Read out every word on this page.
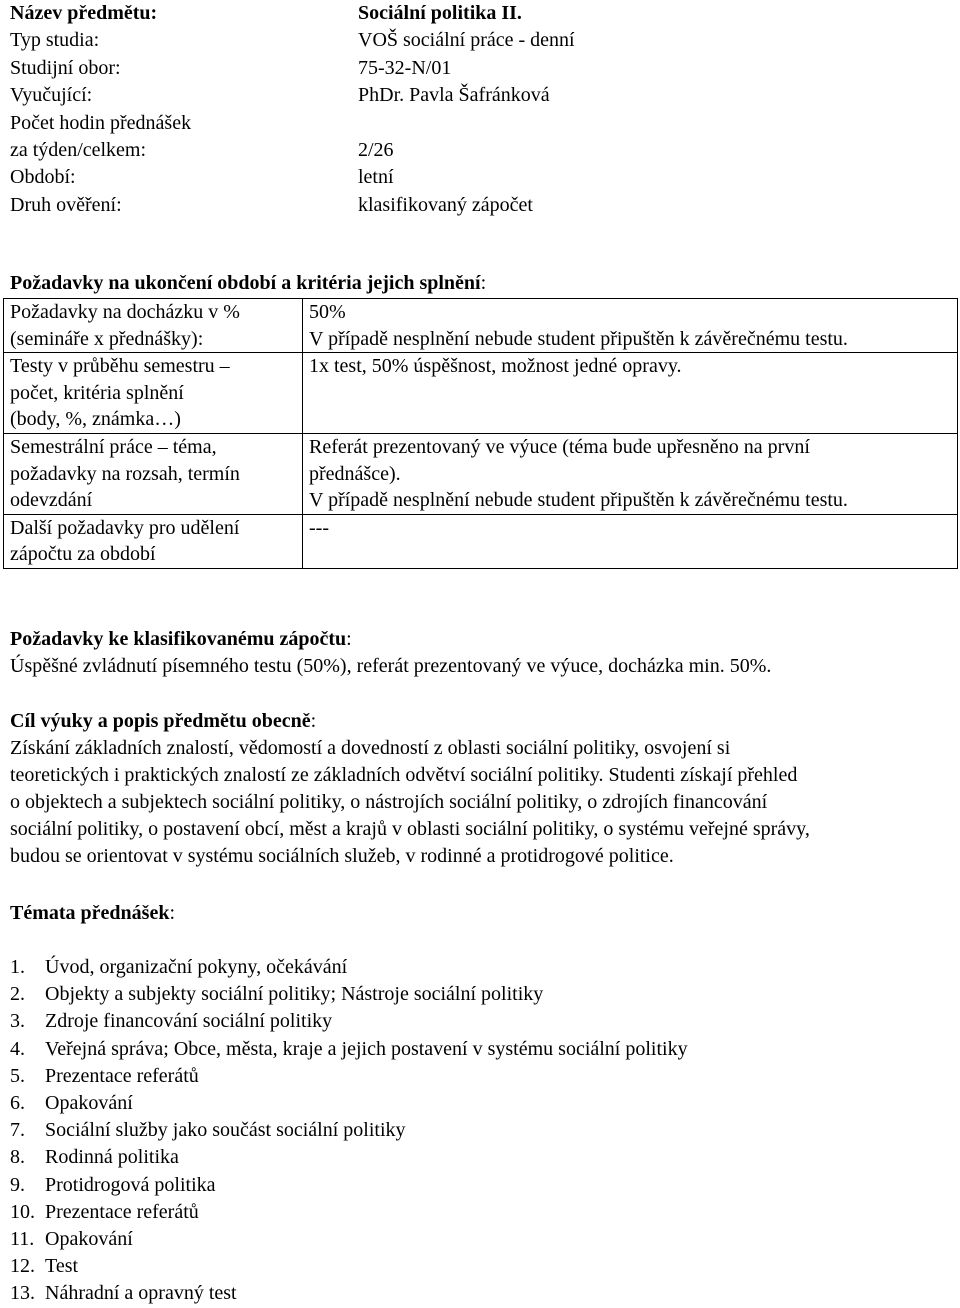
Název předmětu:	Sociální politika II.
Typ studia:	VOŠ sociální práce - denní
Studijní obor:	75-32-N/01
Vyučující:	PhDr. Pavla Šafránková
Počet hodin přednášek
za týden/celkem:	2/26
Období:	letní
Druh ověření:	klasifikovaný zápočet
Požadavky na ukončení období a kritéria jejich splnění:
Požadavky na docházku v %
(semináře x přednášky):	50%
V případě nesplnění nebude student připuštěn k závěrečnému testu.

Testy v průběhu semestru –
počet, kritéria splnění
(body, %, známka…)	1x test, 50% úspěšnost, možnost jedné opravy.

Semestrální práce – téma,
požadavky na rozsah, termín
odevzdání	Referát prezentovaný ve výuce (téma bude upřesněno na první
přednášce).
V případě nesplnění nebude student připuštěn k závěrečnému testu.

Další požadavky pro udělení
zápočtu za období	---
Požadavky ke klasifikovanému zápočtu:
Úspěšné zvládnutí písemného testu (50%), referát prezentovaný ve výuce, docházka min. 50%.
Cíl výuky a popis předmětu obecně:
Získání základních znalostí, vědomostí a dovedností z oblasti sociální politiky, osvojení si
teoretických i praktických znalostí ze základních odvětví sociální politiky. Studenti získají přehled
o objektech a subjektech sociální politiky, o nástrojích sociální politiky, o zdrojích financování
sociální politiky, o postavení obcí, měst a krajů v oblasti sociální politiky, o systému veřejné správy,
budou se orientovat v systému sociálních služeb, v rodinné a protidrogové politice.
Témata přednášek:
1.	Úvod, organizační pokyny, očekávání
2.	Objekty a subjekty sociální politiky; Nástroje sociální politiky
3.	Zdroje financování sociální politiky
4.	Veřejná správa; Obce, města, kraje a jejich postavení v systému sociální politiky
5.	Prezentace referátů
6.	Opakování
7.	Sociální služby jako součást sociální politiky
8.	Rodinná politika
9.	Protidrogová politika
10. Prezentace referátů
11. Opakování
12. Test
13. Náhradní a opravný test
